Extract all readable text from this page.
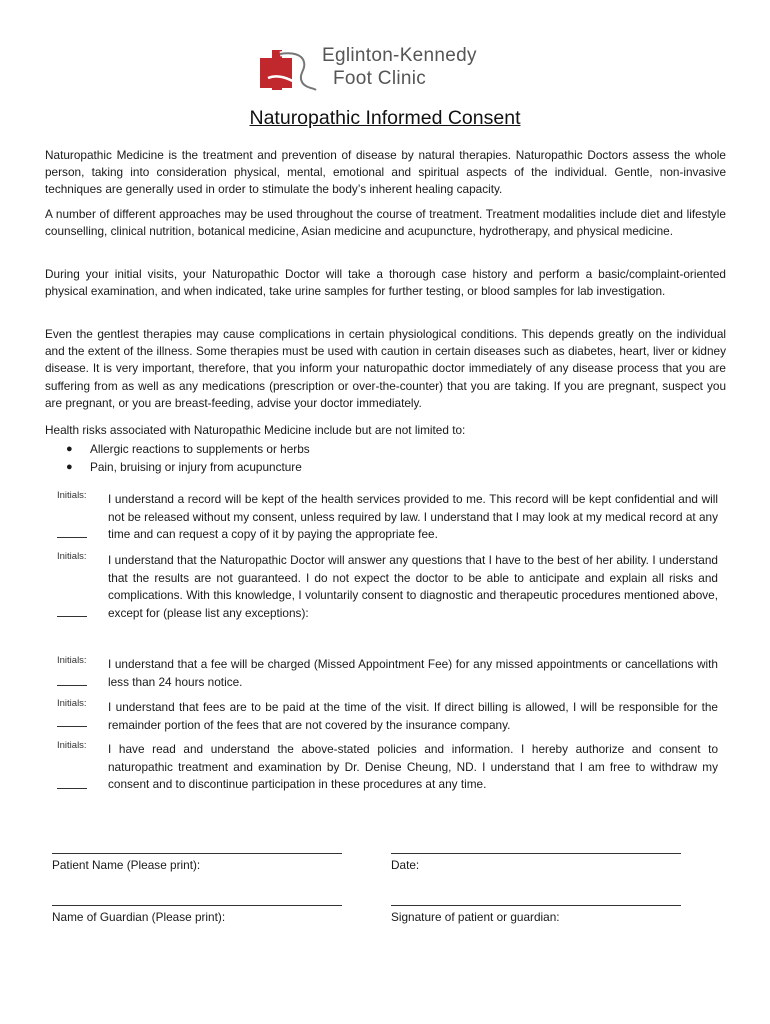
Eglinton-Kennedy
Foot Clinic
Naturopathic Informed Consent

Naturopathic Medicine is the treatment and prevention of disease by natural therapies. Naturopathic Doctors assess the whole person, taking into consideration physical, mental, emotional and spiritual aspects of the individual. Gentle, non-invasive techniques are generally used in order to stimulate the body’s inherent healing capacity.

A number of different approaches may be used throughout the course of treatment. Treatment modalities include diet and lifestyle counselling, clinical nutrition, botanical medicine, Asian medicine and acupuncture, hydrotherapy, and physical medicine.

During your initial visits, your Naturopathic Doctor will take a thorough case history and perform a basic/complaint-oriented physical examination, and when indicated, take urine samples for further testing, or blood samples for lab investigation.

Even the gentlest therapies may cause complications in certain physiological conditions. This depends greatly on the individual and the extent of the illness. Some therapies must be used with caution in certain diseases such as diabetes, heart, liver or kidney disease. It is very important, therefore, that you inform your naturopathic doctor immediately of any disease process that you are suffering from as well as any medications (prescription or over-the-counter) that you are taking. If you are pregnant, suspect you are pregnant, or you are breast-feeding, advise your doctor immediately.

Health risks associated with Naturopathic Medicine include but are not limited to:

●	Allergic reactions to supplements or herbs
●	Pain, bruising or injury from acupuncture
Initials: I understand a record will be kept of the health services provided to me. This record will be kept confidential and will not be released without my consent, unless required by law. I understand that I may look at my medical record at any time and can request a copy of it by paying the appropriate fee.

Initials: I understand that the Naturopathic Doctor will answer any questions that I have to the best of her ability. I understand that the results are not guaranteed. I do not expect the doctor to be able to anticipate and explain all risks and complications. With this knowledge, I voluntarily consent to diagnostic and therapeutic procedures mentioned above, except for (please list any exceptions):

Initials: I understand that a fee will be charged (Missed Appointment Fee) for any missed appointments or cancellations with less than 24 hours notice.

Initials: I understand that fees are to be paid at the time of the visit. If direct billing is allowed, I will be responsible for the remainder portion of the fees that are not covered by the insurance company.

Initials: I have read and understand the above-stated policies and information. I hereby authorize and consent to naturopathic treatment and examination by Dr. Denise Cheung, ND. I understand that I am free to withdraw my consent and to discontinue participation in these procedures at any time.

Patient Name (Please print):	Date:
Name of Guardian (Please print):	Signature of patient or guardian:
